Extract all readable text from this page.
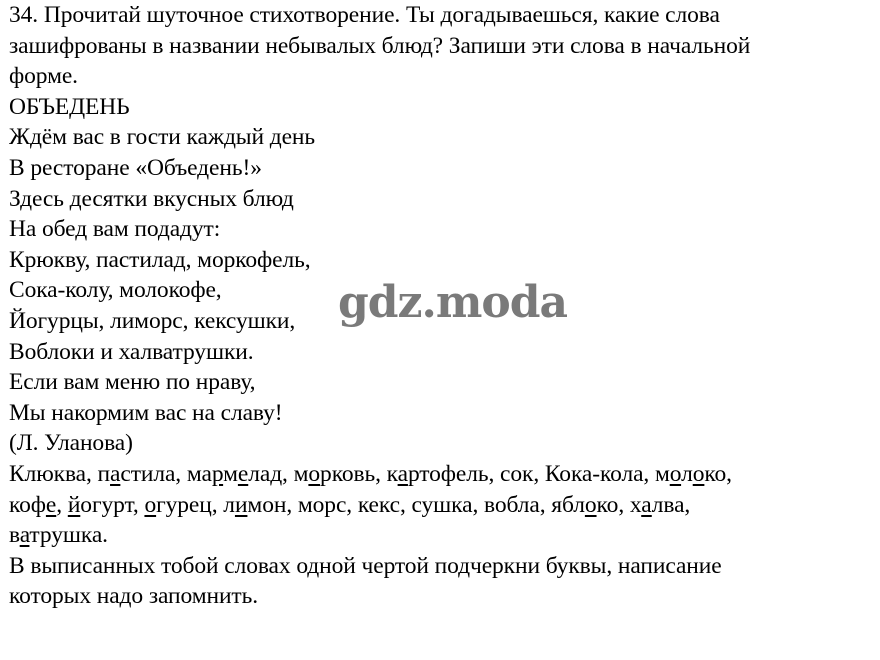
34. Прочитай шуточное стихотворение. Ты догадываешься, какие слова
зашифрованы в названии небывалых блюд? Запиши эти слова в начальной
форме.
ОБЪЕДЕНЬ
Ждём вас в гости каждый день
В ресторане «Объедень!»
Здесь десятки вкусных блюд
На обед вам подадут:
Крюкву, пастилад, моркофель,
Сока-колу, молокофе,
Йогурцы, лиморс, кексушки,
Воблоки и халватрушки.
Если вам меню по нраву,
Мы накормим вас на славу!
(Л. Уланова)
Клюква, пастила, мармелад, морковь, картофель, сок, Кока-кола, молоко,
кофе, йогурт, огурец, лимон, морс, кекс, сушка, вобла, яблоко, халва,
ватрушка.
В выписанных тобой словах одной чертой подчеркни буквы, написание
которых надо запомнить.
gdz.moda
